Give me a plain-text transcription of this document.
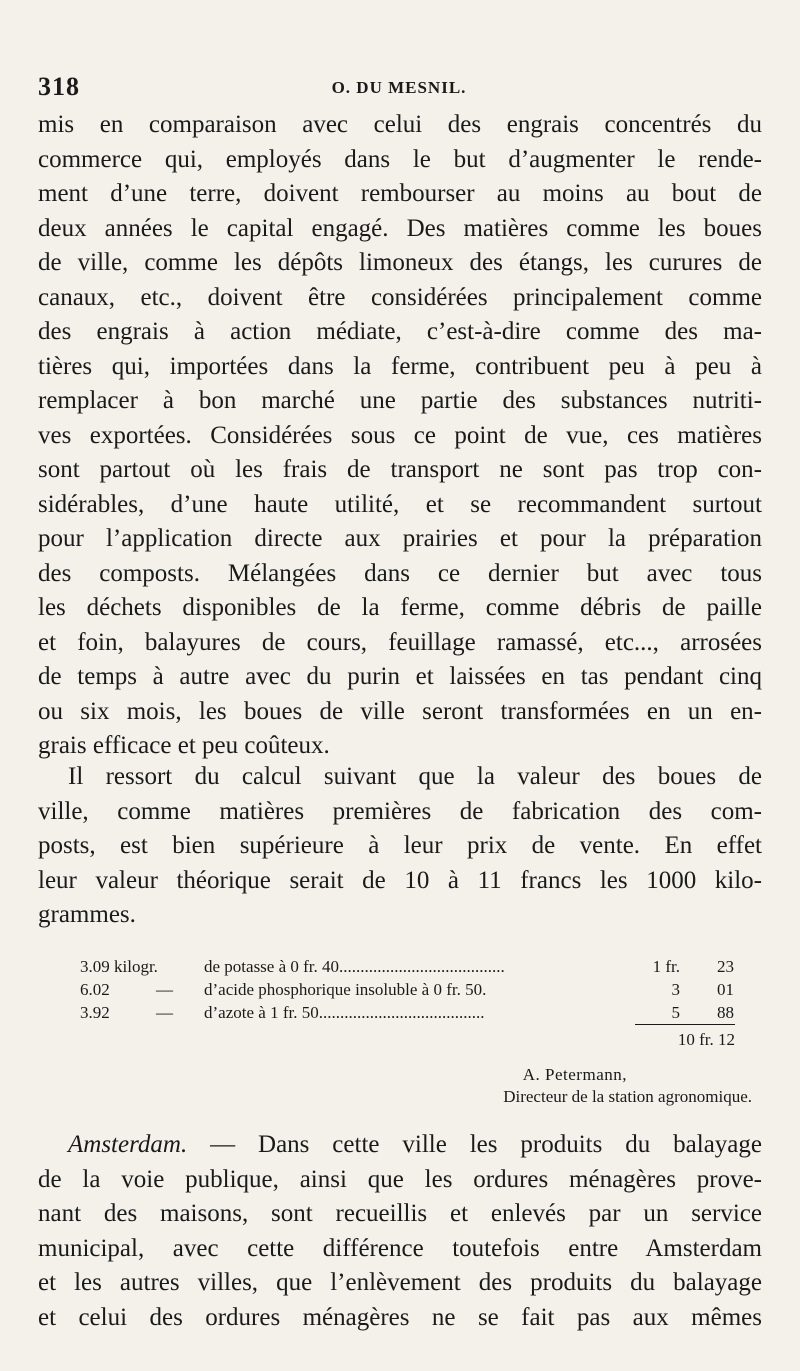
318	O. DU MESNIL.
mis en comparaison avec celui des engrais concentrés du
commerce qui, employés dans le but d’augmenter le rende-
ment d’une terre, doivent rembourser au moins au bout de
deux années le capital engagé. Des matières comme les boues
de ville, comme les dépôts limoneux des étangs, les curures de
canaux, etc., doivent être considérées principalement comme
des engrais à action médiate, c’est-à-dire comme des ma-
tières qui, importées dans la ferme, contribuent peu à peu à
remplacer à bon marché une partie des substances nutriti-
ves exportées. Considérées sous ce point de vue, ces matières
sont partout où les frais de transport ne sont pas trop con-
sidérables, d’une haute utilité, et se recommandent surtout
pour l’application directe aux prairies et pour la préparation
des composts. Mélangées dans ce dernier but avec tous
les déchets disponibles de la ferme, comme débris de paille
et foin, balayures de cours, feuillage ramassé, etc..., arrosées
de temps à autre avec du purin et laissées en tas pendant cinq
ou six mois, les boues de ville seront transformées en un en-
grais efficace et peu coûteux.
Il ressort du calcul suivant que la valeur des boues de
ville, comme matières premières de fabrication des com-
posts, est bien supérieure à leur prix de vente. En effet
leur valeur théorique serait de 10 à 11 francs les 1000 kilo-
grammes.
3.09 kilogr.	de potasse à 0 fr. 40.......................................	1 fr.	23
6.02	—	d’acide phosphorique insoluble à 0 fr. 50.	3	01
3.92	—	d’azote à 1 fr. 50.......................................	5	88
10 fr. 12
A. Petermann,
Directeur de la station agronomique.
Amsterdam. — Dans cette ville les produits du balayage
de la voie publique, ainsi que les ordures ménagères prove-
nant des maisons, sont recueillis et enlevés par un service
municipal, avec cette différence toutefois entre Amsterdam
et les autres villes, que l’enlèvement des produits du balayage
et celui des ordures ménagères ne se fait pas aux mêmes
